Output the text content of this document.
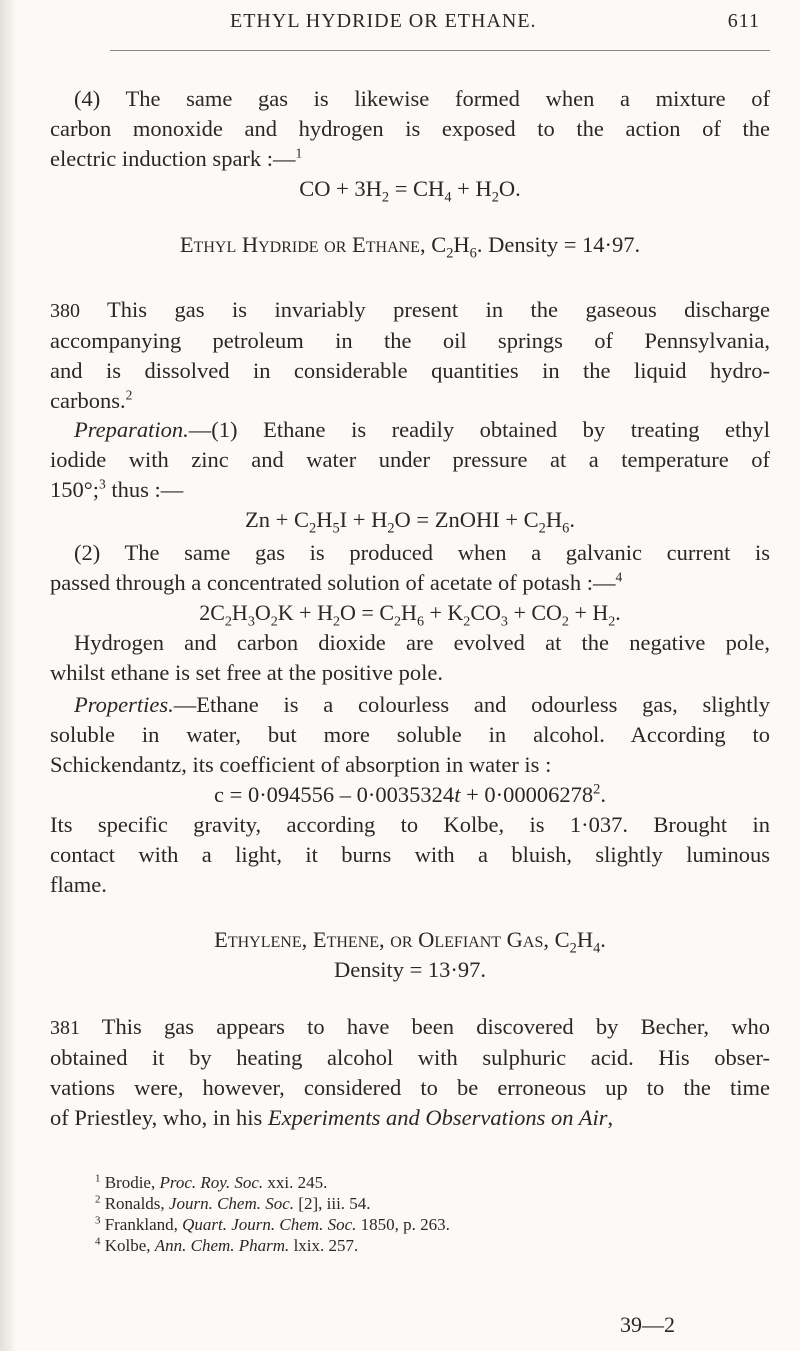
ETHYL HYDRIDE OR ETHANE.	611
(4) The same gas is likewise formed when a mixture of
carbon monoxide and hydrogen is exposed to the action of the
electric induction spark :—$^1$
CO + $3H_2 = CH_4 + H_2O$.
Ethyl Hydride or Ethane, $C_2H_6$. Density = 14·97.
380 This gas is invariably present in the gaseous discharge
accompanying petroleum in the oil springs of Pennsylvania,
and is dissolved in considerable quantities in the liquid hydro-
carbons.$^2$
Preparation.—(1) Ethane is readily obtained by treating ethyl
iodide with zinc and water under pressure at a temperature of
150°;$^3$ thus :—
$Zn + C_2H_5I + H_2O$ = ZnOHI + $C_2H_6$.
(2) The same gas is produced when a galvanic current is
passed through a concentrated solution of acetate of potash :—$^4$
$2C_2H_3O_2K + H_2O = C_2H_6 + K_2CO_3 + CO_2 + H_2$.
Hydrogen and carbon dioxide are evolved at the negative pole,
whilst ethane is set free at the positive pole.
Properties.—Ethane is a colourless and odourless gas, slightly
soluble in water, but more soluble in alcohol. According to
Schickendantz, its coefficient of absorption in water is :
$c = 0\cdot 094556 - 0\cdot 0035324t + 0\cdot 00006278^2$.
Its specific gravity, according to Kolbe, is 1·037. Brought in
contact with a light, it burns with a bluish, slightly luminous
flame.
Ethylene, Ethene, or Olefiant Gas, $C_2H_4$.
Density = 13·97.
381 This gas appears to have been discovered by Becher, who
obtained it by heating alcohol with sulphuric acid. His obser-
vations were, however, considered to be erroneous up to the time
of Priestley, who, in his Experiments and Observations on Air,
$^1$ Brodie, Proc. Roy. Soc. xxi. 245.
$^2$ Ronalds, Journ. Chem. Soc. [2], iii. 54.
$^3$ Frankland, Quart. Journ. Chem. Soc. 1850, p. 263.
$^4$ Kolbe, Ann. Chem. Pharm. lxix. 257.
39—2
